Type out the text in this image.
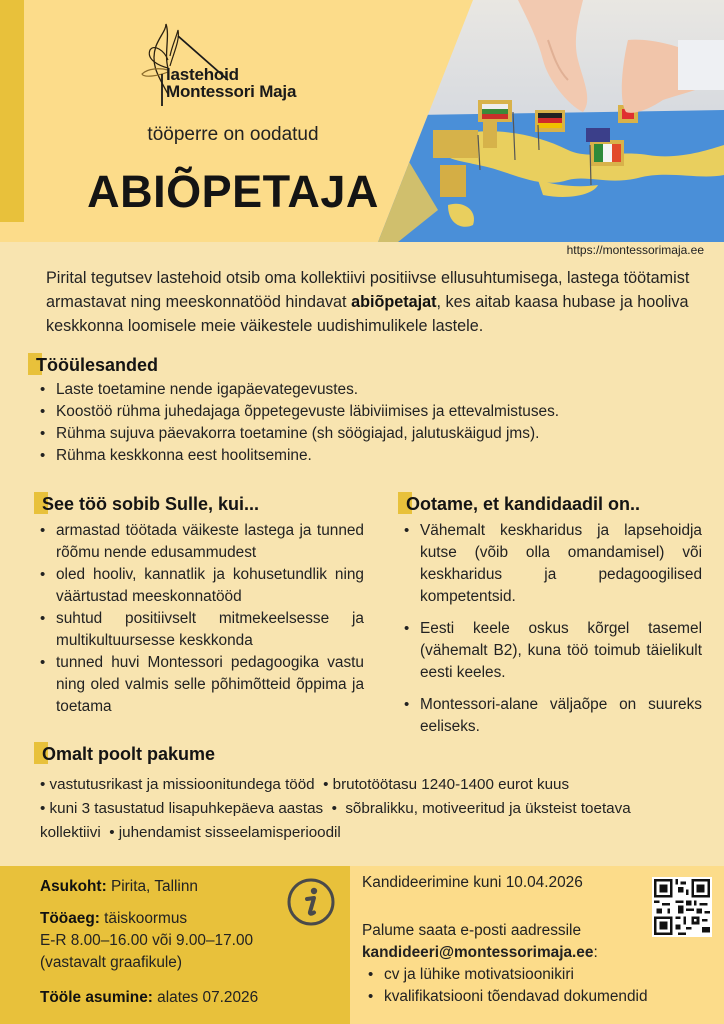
lastehoid
Montessori Maja
tööperre on oodatud
ABIÕPETAJA
https://montessorimaja.ee
Pirital tegutsev lastehoid otsib oma kollektiivi positiivse ellusuhtumisega, lastega töötamist armastavat ning meeskonnatööd hindavat abiõpetajat, kes aitab kaasa hubase ja hooliva keskkonna loomisele meie väikestele uudishimulikele lastele.
Tööülesanded
• Laste toetamine nende igapäevategevustes.
• Koostöö rühma juhedajaga õppetegevuste läbiviimises ja ettevalmistuses.
• Rühma sujuva päevakorra toetamine (sh söögiajad, jalutuskäigud jms).
• Rühma keskkonna eest hoolitsemine.
See töö sobib Sulle, kui...
• armastad töötada väikeste lastega ja tunned rõõmu nende edusammudest
• oled hooliv, kannatlik ja kohusetundlik ning väärtustad meeskonnatööd
• suhtud positiivselt mitmekeelsesse ja multikultuursesse keskkonda
• tunned huvi Montessori pedagoogika vastu ning oled valmis selle põhimõtteid õppima ja toetama
Ootame, et kandidaadil on..
• Vähemalt keskharidus ja lapsehoidja kutse (võib olla omandamisel) või keskharidus ja pedagoogilised kompetentsid.
• Eesti keele oskus kõrgel tasemel (vähemalt B2), kuna töö toimub täielikult eesti keeles.
• Montessori-alane väljaõpe on suureks eeliseks.
Omalt poolt pakume
• vastutusrikast ja missioonitundega tööd • brutotöötasu 1240-1400 eurot kuus
• kuni 3 tasustatud lisapuhkepäeva aastas •  sõbralikku, motiveeritud ja üksteist toetava kollektiivi • juhendamist sisseelamisperioodil
Asukoht: Pirita, Tallinn
Tööaeg: täiskoormus
E-R 8.00–16.00 või 9.00–17.00
(vastavalt graafikule)
Tööle asumine: alates 07.2026
Kandideerimine kuni 10.04.2026
Palume saata e-posti aadressile
kandideeri@montessorimaja.ee:
• cv ja lühike motivatsioonikiri
• kvalifikatsiooni tõendavad dokumendid
